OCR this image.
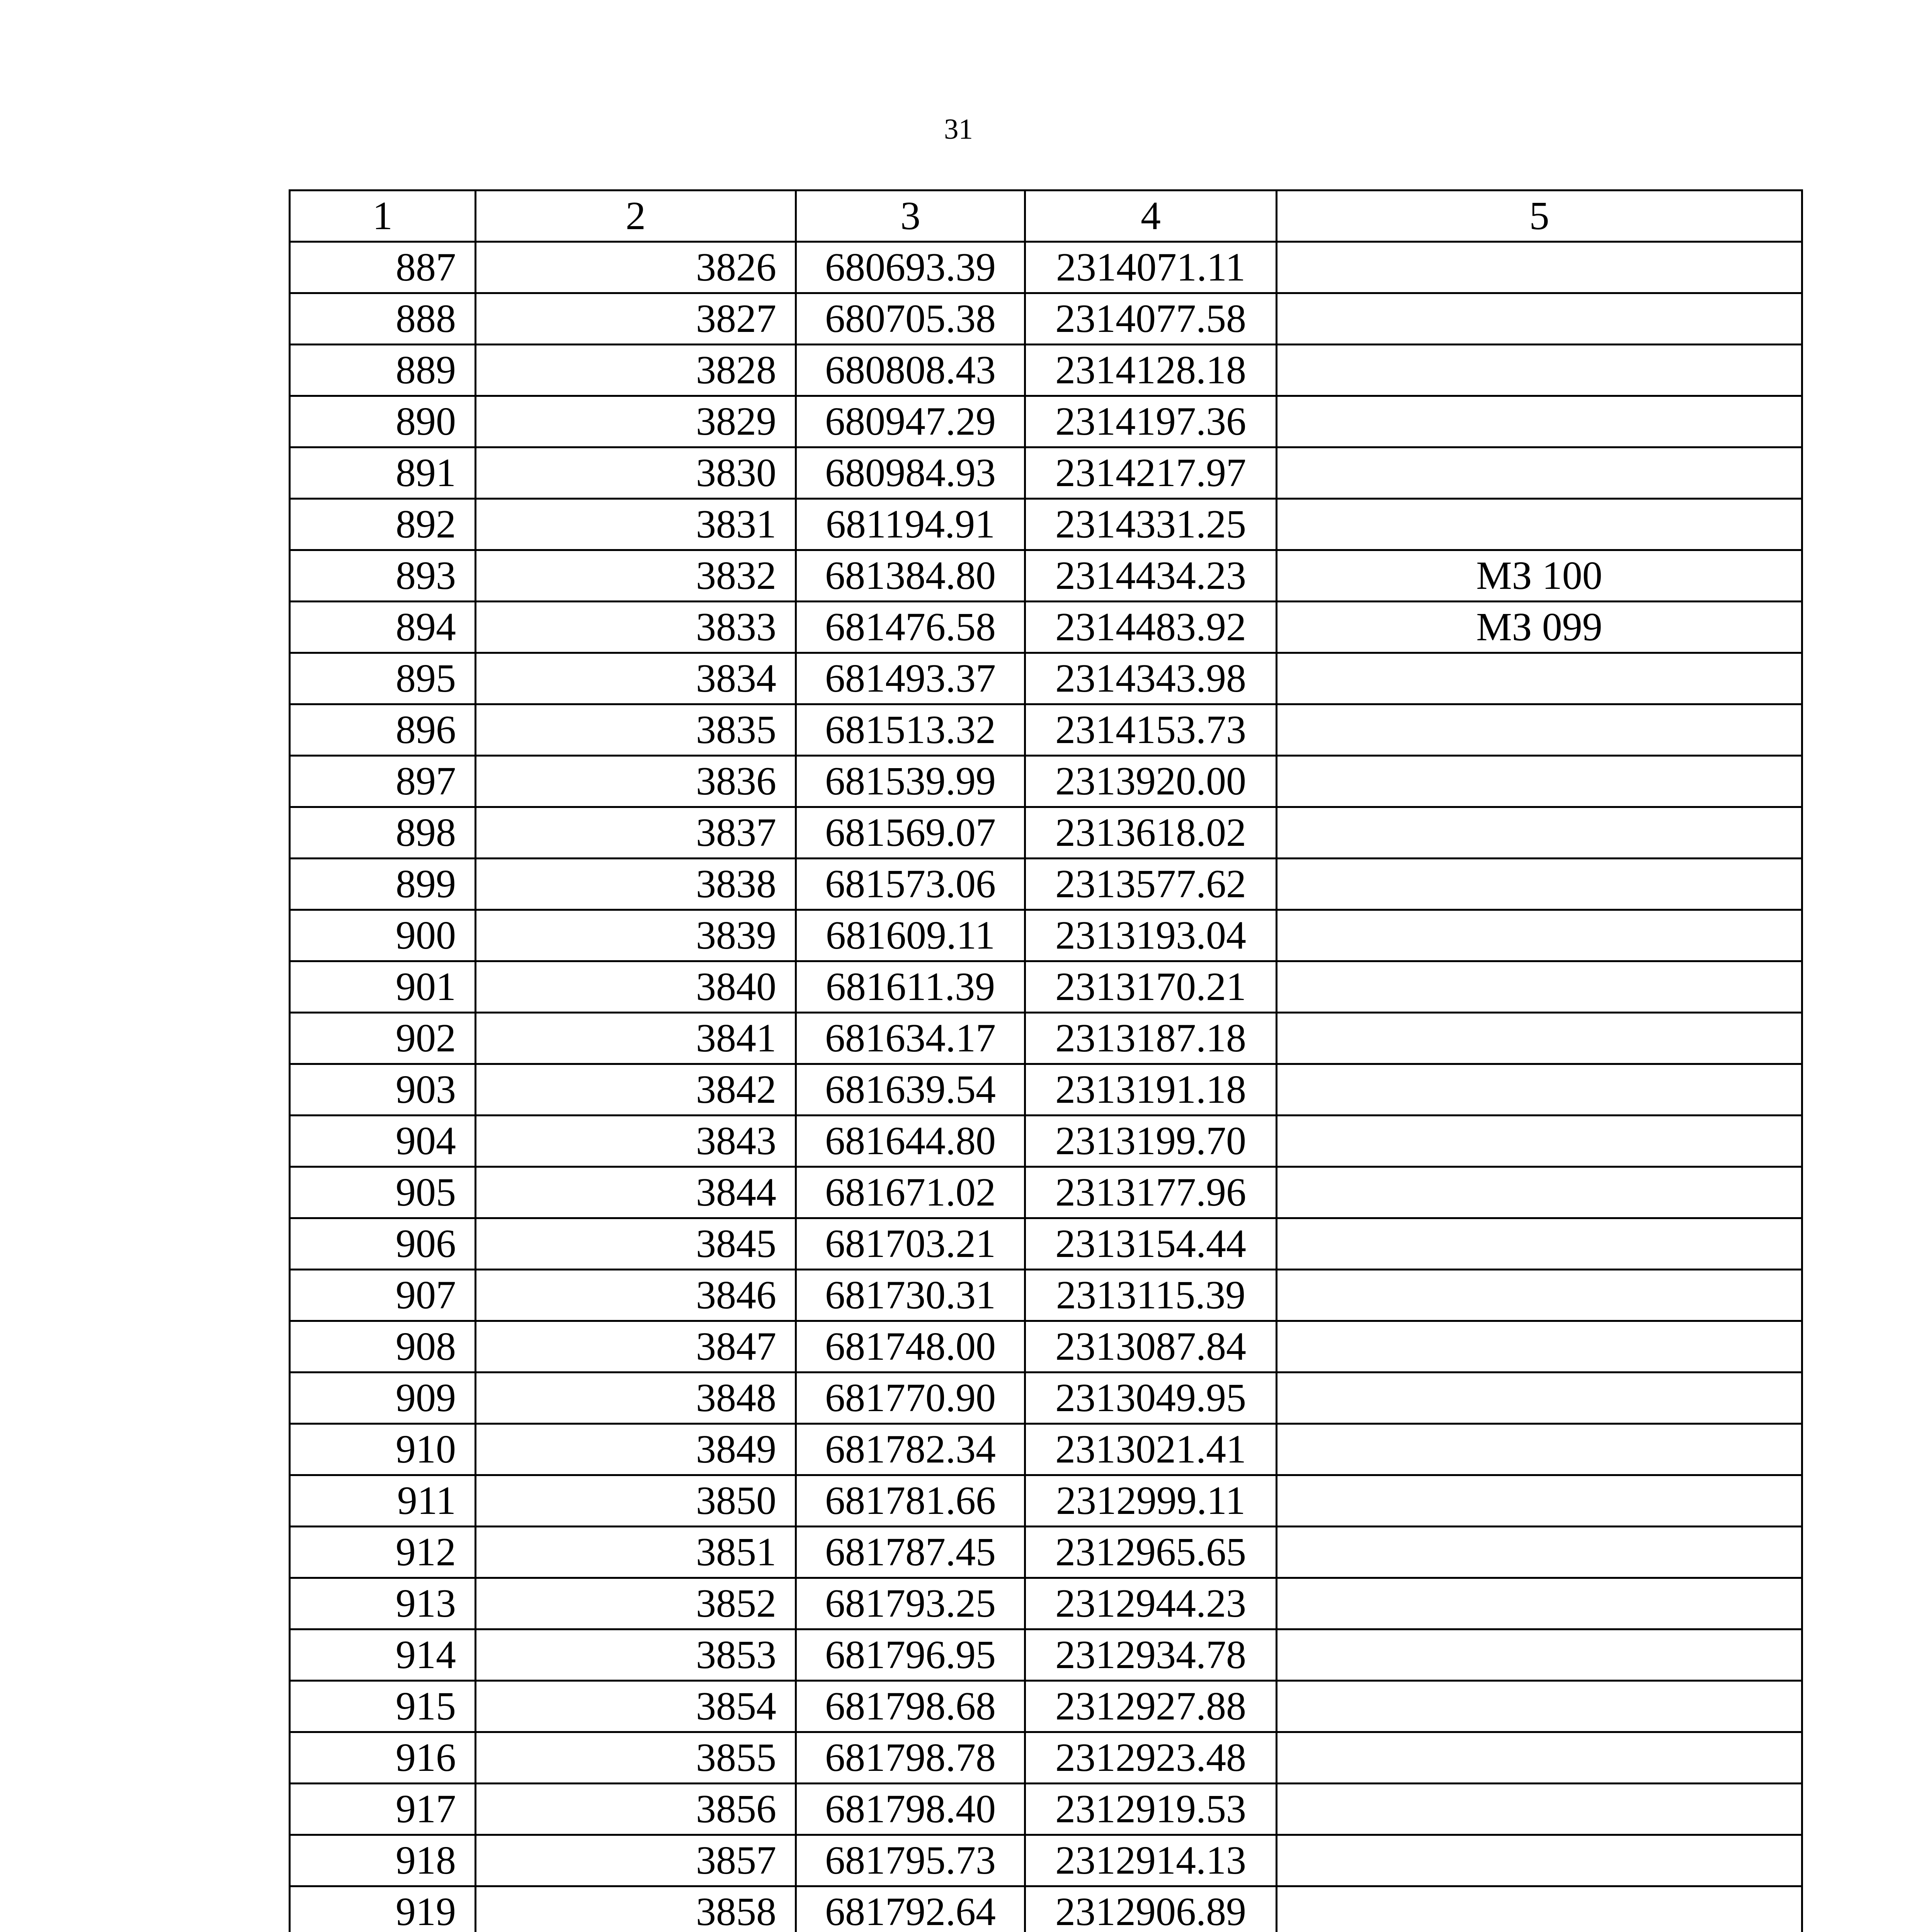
31
1	2	3	4	5
887	3826	680693.39	2314071.11	
888	3827	680705.38	2314077.58	
889	3828	680808.43	2314128.18	
890	3829	680947.29	2314197.36	
891	3830	680984.93	2314217.97	
892	3831	681194.91	2314331.25	
893	3832	681384.80	2314434.23	МЗ 100
894	3833	681476.58	2314483.92	МЗ 099
895	3834	681493.37	2314343.98	
896	3835	681513.32	2314153.73	
897	3836	681539.99	2313920.00	
898	3837	681569.07	2313618.02	
899	3838	681573.06	2313577.62	
900	3839	681609.11	2313193.04	
901	3840	681611.39	2313170.21	
902	3841	681634.17	2313187.18	
903	3842	681639.54	2313191.18	
904	3843	681644.80	2313199.70	
905	3844	681671.02	2313177.96	
906	3845	681703.21	2313154.44	
907	3846	681730.31	2313115.39	
908	3847	681748.00	2313087.84	
909	3848	681770.90	2313049.95	
910	3849	681782.34	2313021.41	
911	3850	681781.66	2312999.11	
912	3851	681787.45	2312965.65	
913	3852	681793.25	2312944.23	
914	3853	681796.95	2312934.78	
915	3854	681798.68	2312927.88	
916	3855	681798.78	2312923.48	
917	3856	681798.40	2312919.53	
918	3857	681795.73	2312914.13	
919	3858	681792.64	2312906.89	
